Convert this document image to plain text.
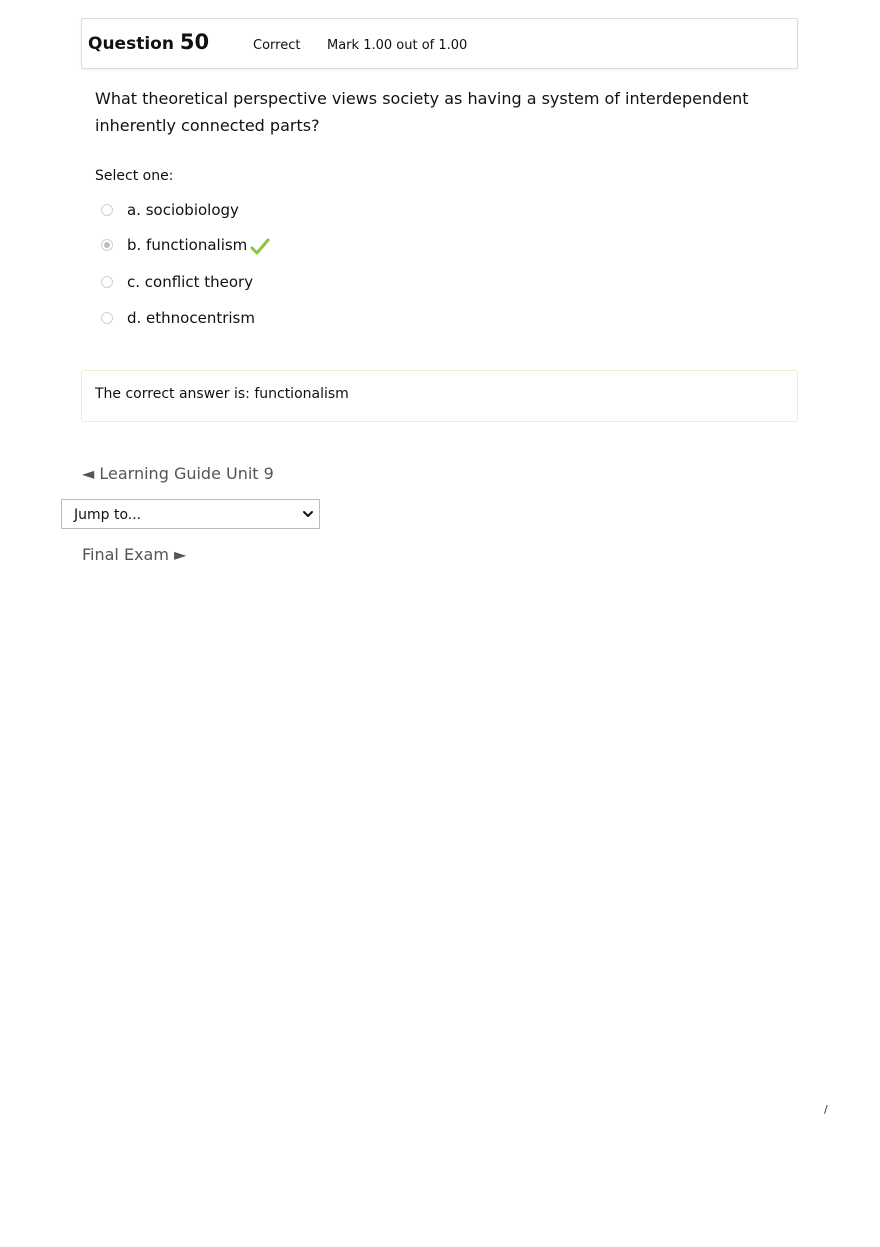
Question 50	Correct Mark 1.00 out of 1.00
What theoretical perspective views society as having a system of interdependent inherently connected parts?
Select one:
a. sociobiology
b. functionalism
c. conflict theory
d. ethnocentrism
The correct answer is: functionalism
◄ Learning Guide Unit 9
Jump to...
Final Exam ►
/
